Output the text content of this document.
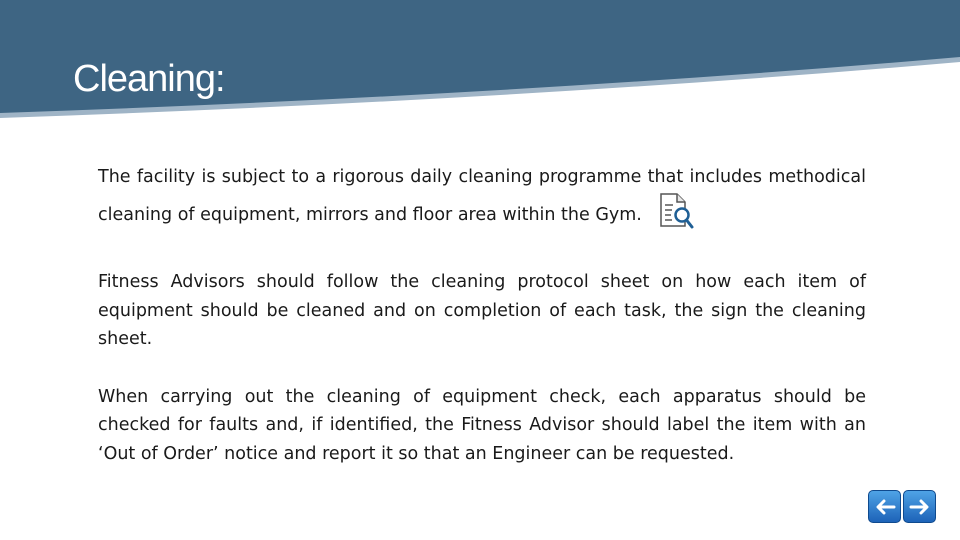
Cleaning:

The facility is subject to a rigorous daily cleaning programme that includes methodical cleaning of equipment, mirrors and floor area within the Gym.

Fitness Advisors should follow the cleaning protocol sheet on how each item of equipment should be cleaned and on completion of each task, the sign the cleaning sheet.

When carrying out the cleaning of equipment check, each apparatus should be checked for faults and, if identified, the Fitness Advisor should label the item with an ‘Out of Order’ notice and report it so that an Engineer can be requested.
